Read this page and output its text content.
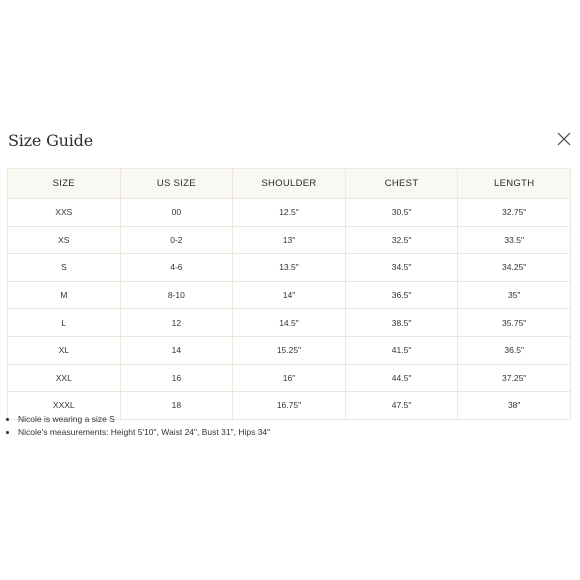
Size Guide
SIZE	US SIZE	SHOULDER	CHEST	LENGTH
XXS	00	12.5"	30.5"	32.75"
XS	0-2	13"	32.5"	33.5"
S	4-6	13.5"	34.5"	34.25"
M	8-10	14"	36.5"	35"
L	12	14.5"	38.5"	35.75"
XL	14	15.25"	41.5"	36.5"
XXL	16	16"	44.5"	37.25"
XXXL	18	16.75"	47.5"	38"
• Nicole is wearing a size S
• Nicole's measurements: Height 5'10", Waist 24", Bust 31", Hips 34"
